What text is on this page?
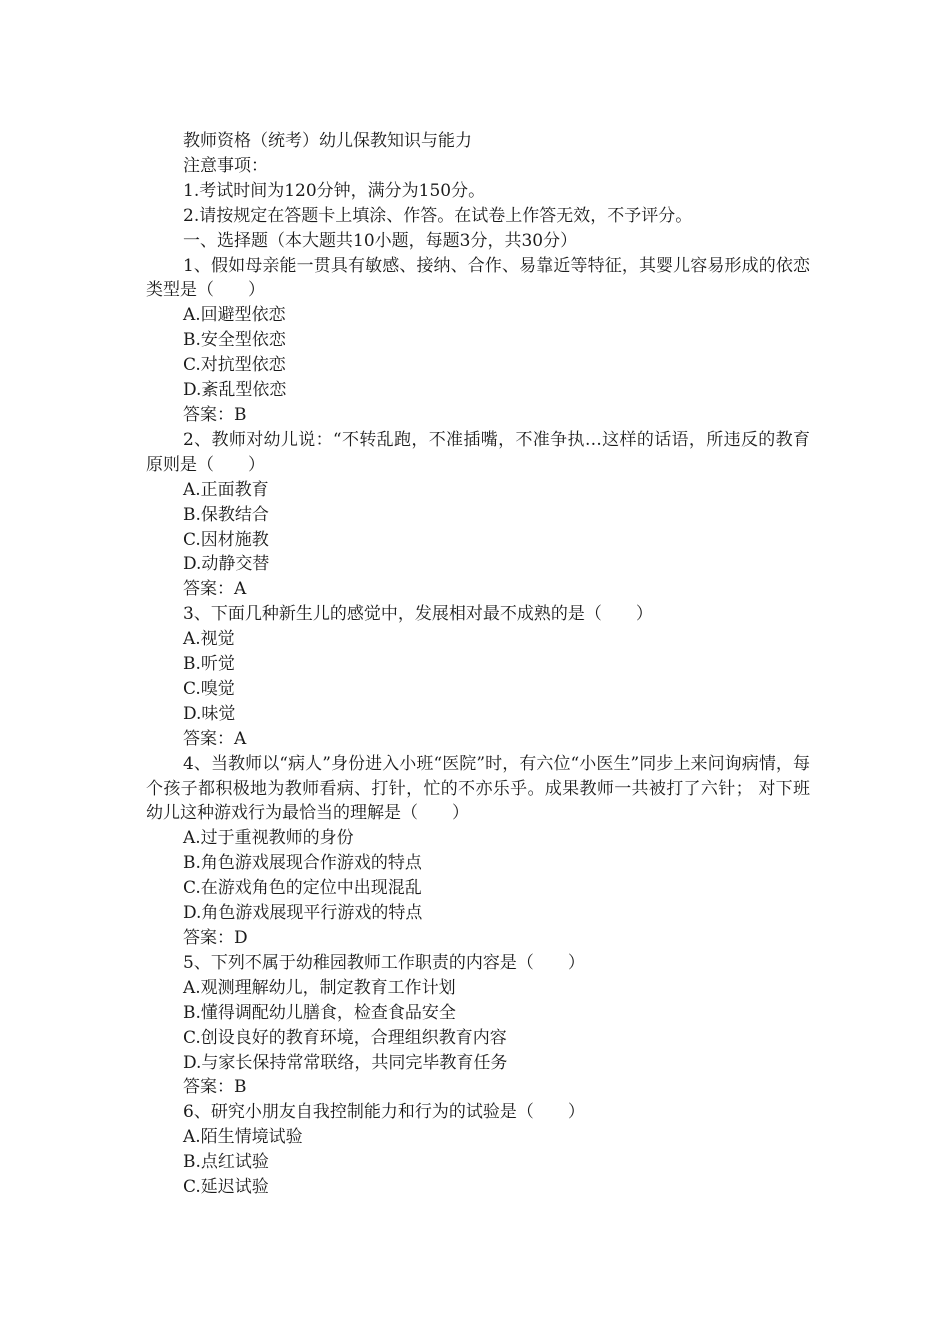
教师资格（统考）幼儿保教知识与能力
注意事项：
1.考试时间为120分钟，满分为150分。
2.请按规定在答题卡上填涂、作答。在试卷上作答无效，不予评分。
一、选择题（本大题共10小题，每题3分，共30分）
1、假如母亲能一贯具有敏感、接纳、合作、易靠近等特征，其婴儿容易形成的依恋类型是（　　）
A.回避型依恋
B.安全型依恋
C.对抗型依恋
D.紊乱型依恋
答案：B
2、教师对幼儿说：“不转乱跑，不准插嘴，不准争执…这样的话语，所违反的教育原则是（　　）
A.正面教育
B.保教结合
C.因材施教
D.动静交替
答案：A
3、下面几种新生儿的感觉中，发展相对最不成熟的是（　　）
A.视觉
B.听觉
C.嗅觉
D.味觉
答案：A
4、当教师以“病人”身份进入小班“医院”时，有六位“小医生”同步上来问询病情，每个孩子都积极地为教师看病、打针，忙的不亦乐乎。成果教师一共被打了六针； 对下班幼儿这种游戏行为最恰当的理解是（　　）
A.过于重视教师的身份
B.角色游戏展现合作游戏的特点
C.在游戏角色的定位中出现混乱
D.角色游戏展现平行游戏的特点
答案：D
5、下列不属于幼稚园教师工作职责的内容是（　　）
A.观测理解幼儿，制定教育工作计划
B.懂得调配幼儿膳食，检查食品安全
C.创设良好的教育环境，合理组织教育内容
D.与家长保持常常联络，共同完毕教育任务
答案：B
6、研究小朋友自我控制能力和行为的试验是（　　）
A.陌生情境试验
B.点红试验
C.延迟试验
